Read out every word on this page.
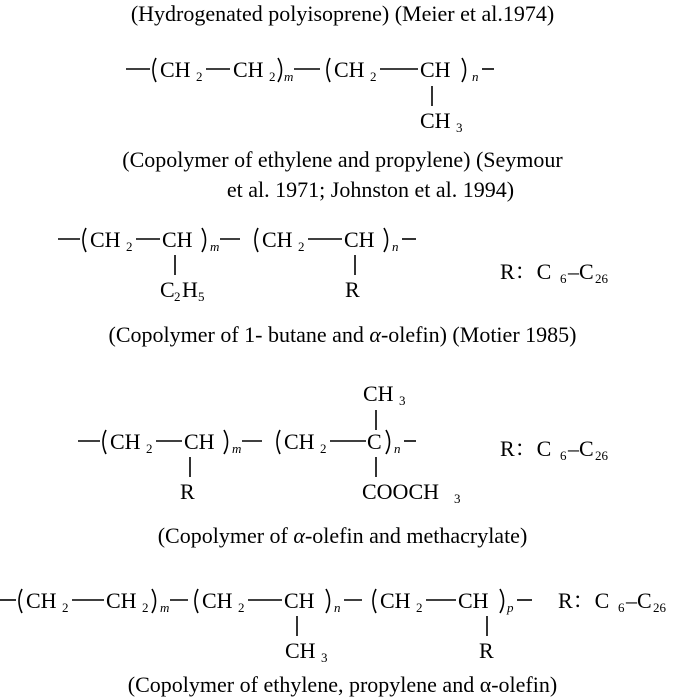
(Hydrogenated polyisoprene) (Meier et al.1974)
(Copolymer of ethylene and propylene) (Seymour
et al. 1971; Johnston et al. 1994)
(Copolymer of 1- butane and α-olefin) (Motier 1985)
(Copolymer of α-olefin and methacrylate)
(Copolymer of ethylene, propylene and α-olefin)
CH 2 CH 2 m CH 2 CH n
CH 3
CH 2 CH m
C 2 H 5
CH 2 CH n
R
R：C 6 –C 26
CH 3
CH 2 CH m
R
CH 2 C n
COOCH 3
R：C 6 –C 26
CH 2 CH 2 m CH 2 CH n
CH 3
CH 2 CH p
R
R：C 6 –C 26
